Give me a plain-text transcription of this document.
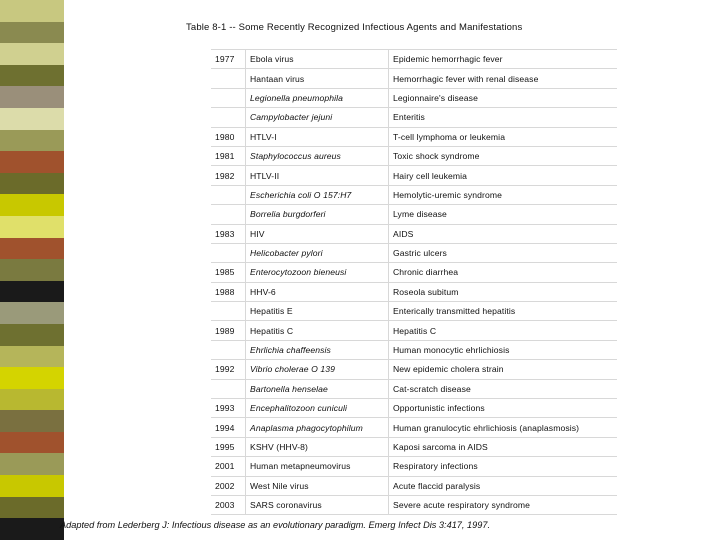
Table 8-1 -- Some Recently Recognized Infectious Agents and Manifestations
1977	Ebola virus	Epidemic hemorrhagic fever
	Hantaan virus	Hemorrhagic fever with renal disease
	Legionella pneumophila	Legionnaire's disease
	Campylobacter jejuni	Enteritis
1980	HTLV-I	T-cell lymphoma or leukemia
1981	Staphylococcus aureus	Toxic shock syndrome
1982	HTLV-II	Hairy cell leukemia
	Escherichia coli O 157:H7	Hemolytic-uremic syndrome
	Borrelia burgdorferi	Lyme disease
1983	HIV	AIDS
	Helicobacter pylori	Gastric ulcers
1985	Enterocytozoon bieneusi	Chronic diarrhea
1988	HHV-6	Roseola subitum
	Hepatitis E	Enterically transmitted hepatitis
1989	Hepatitis C	Hepatitis C
	Ehrlichia chaffeensis	Human monocytic ehrlichiosis
1992	Vibrio cholerae O 139	New epidemic cholera strain
	Bartonella henselae	Cat-scratch disease
1993	Encephalitozoon cuniculi	Opportunistic infections
1994	Anaplasma phagocytophilum	Human granulocytic ehrlichiosis (anaplasmosis)
1995	KSHV (HHV-8)	Kaposi sarcoma in AIDS
2001	Human metapneumovirus	Respiratory infections
2002	West Nile virus	Acute flaccid paralysis
2003	SARS coronavirus	Severe acute respiratory syndrome
Adapted from Lederberg J: Infectious disease as an evolutionary paradigm. Emerg Infect Dis 3:417, 1997.
